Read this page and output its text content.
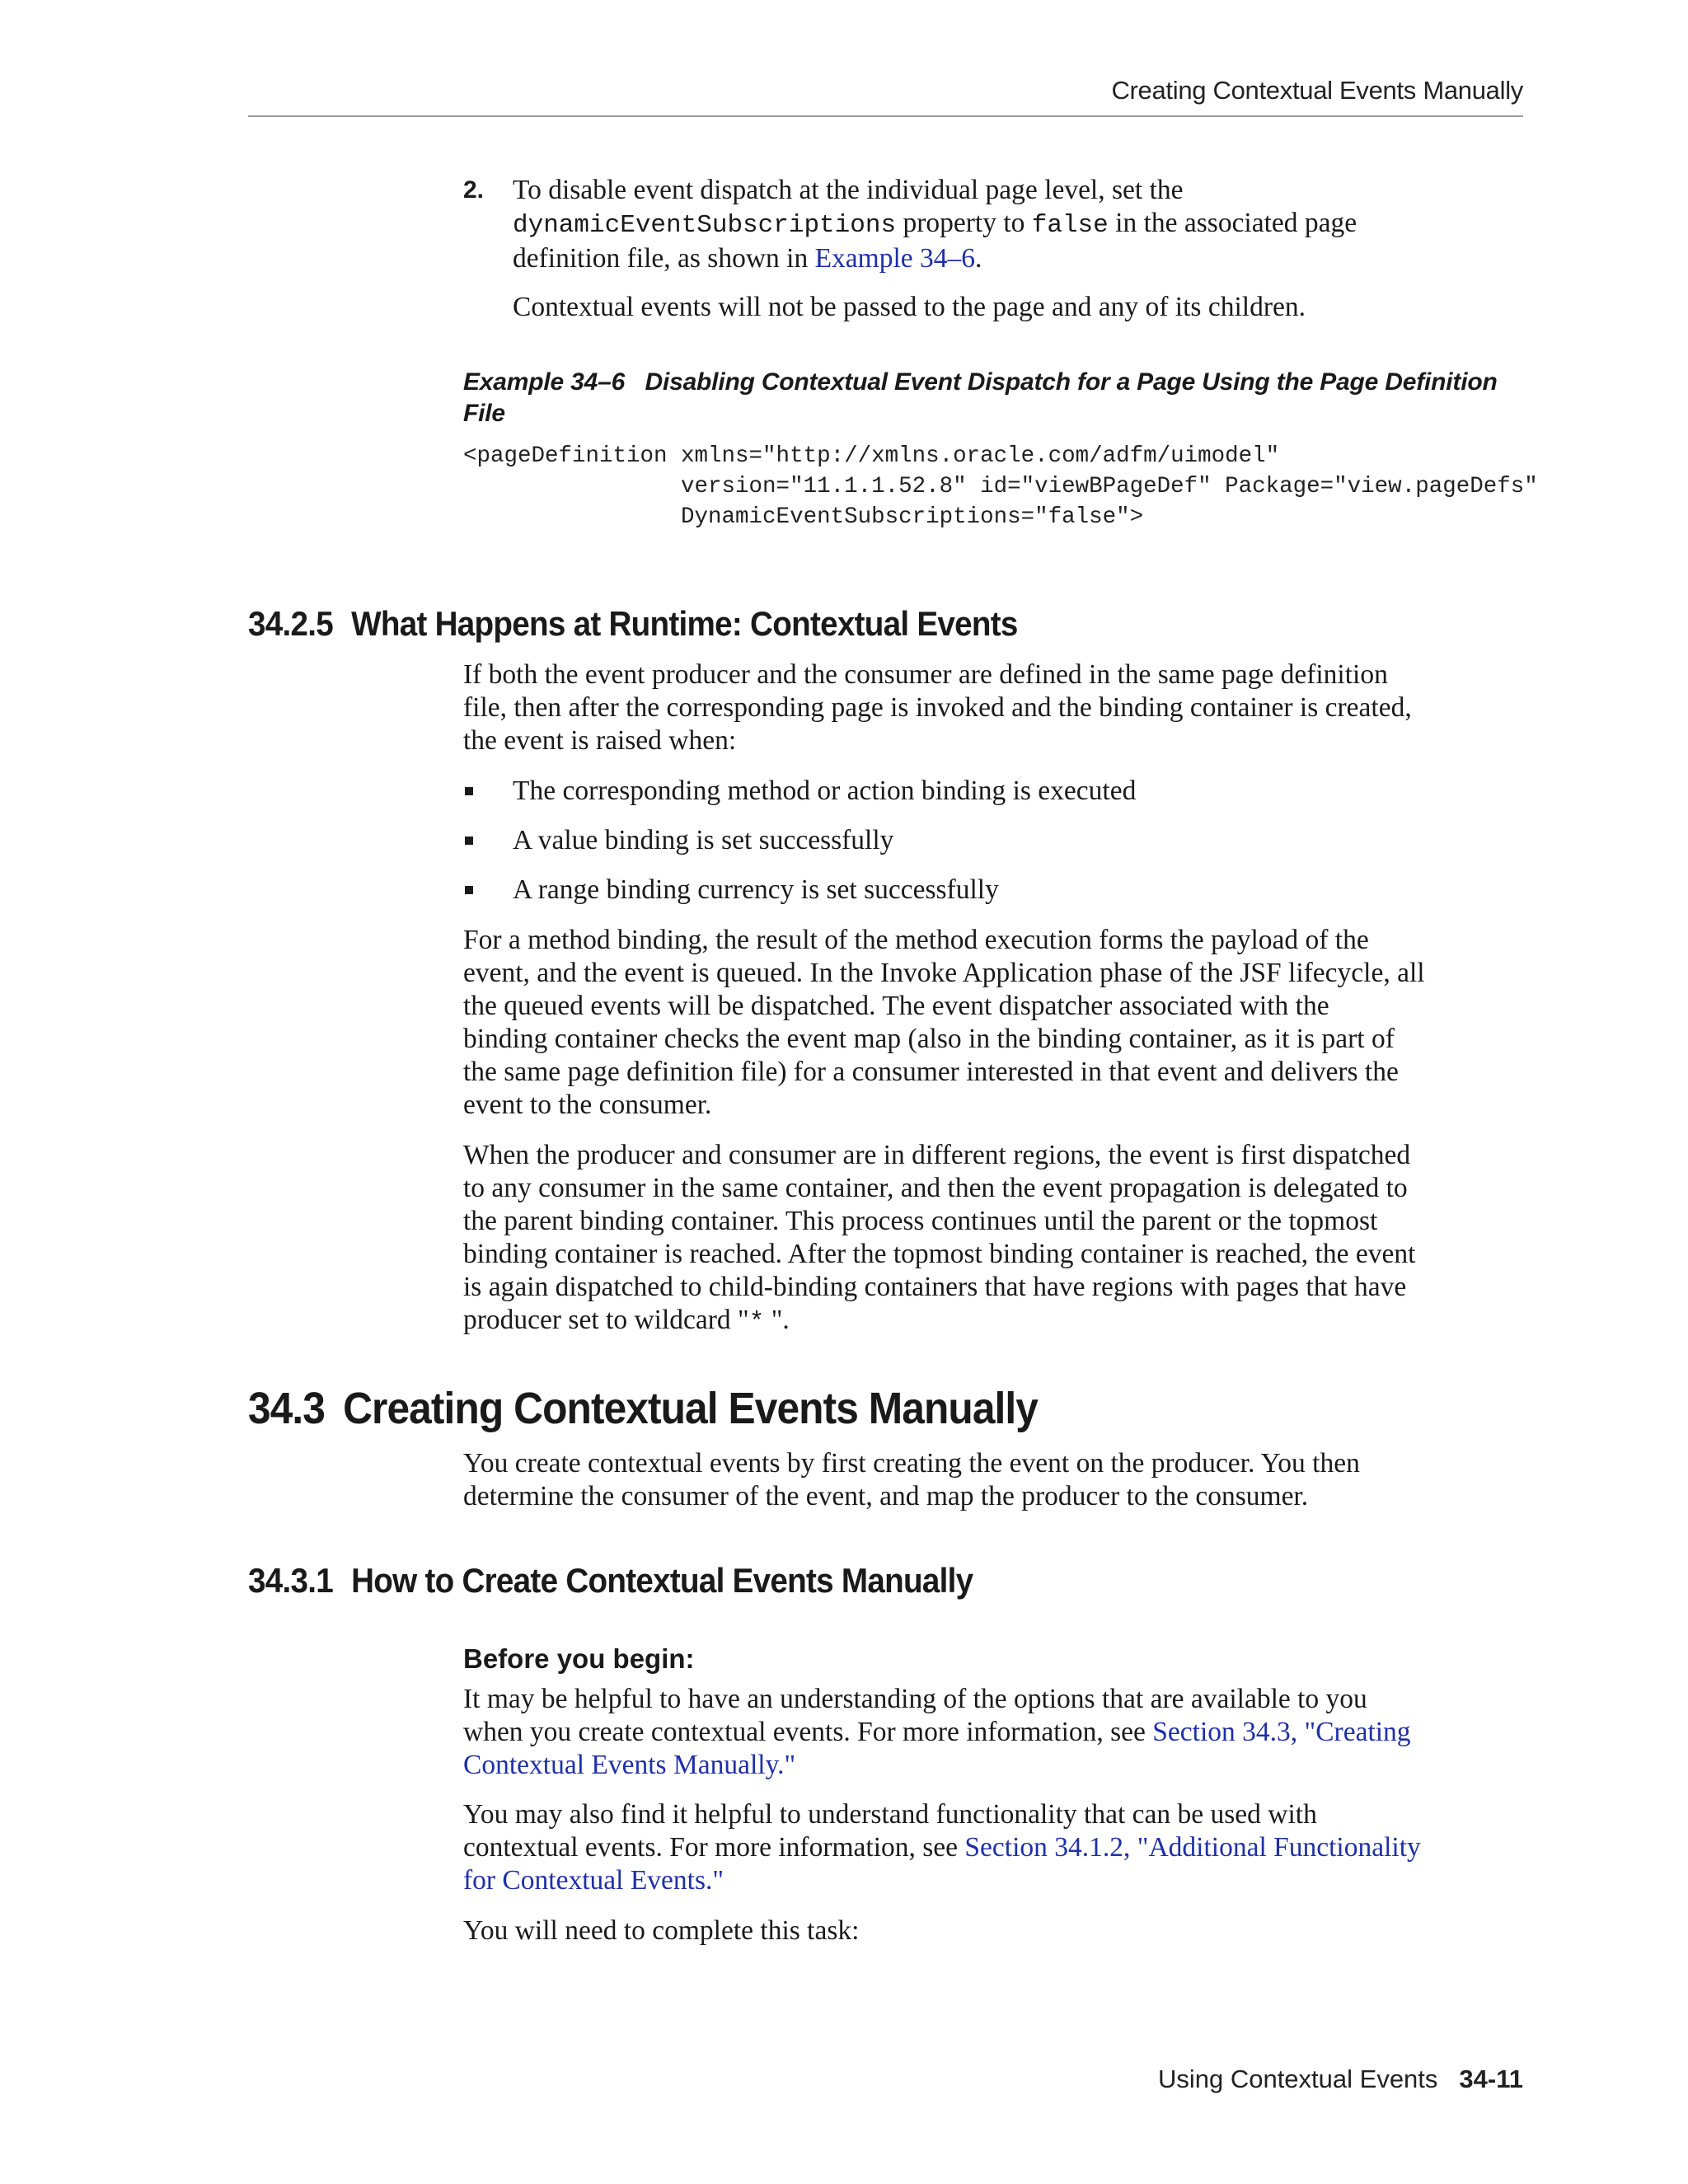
Creating Contextual Events Manually
2. To disable event dispatch at the individual page level, set the
dynamicEventSubscriptions property to false in the associated page
definition file, as shown in Example 34–6.

Contextual events will not be passed to the page and any of its children.

Example 34–6 Disabling Contextual Event Dispatch for a Page Using the Page Definition File

<pageDefinition xmlns="http://xmlns.oracle.com/adfm/uimodel"
version="11.1.1.52.8" id="viewBPageDef" Package="view.pageDefs"
DynamicEventSubscriptions="false">
34.2.5 What Happens at Runtime: Contextual Events

If both the event producer and the consumer are defined in the same page definition
file, then after the corresponding page is invoked and the binding container is created,
the event is raised when:

The corresponding method or action binding is executed
A value binding is set successfully
A range binding currency is set successfully

For a method binding, the result of the method execution forms the payload of the
event, and the event is queued. In the Invoke Application phase of the JSF lifecycle, all
the queued events will be dispatched. The event dispatcher associated with the
binding container checks the event map (also in the binding container, as it is part of
the same page definition file) for a consumer interested in that event and delivers the
event to the consumer.

When the producer and consumer are in different regions, the event is first dispatched
to any consumer in the same container, and then the event propagation is delegated to
the parent binding container. This process continues until the parent or the topmost
binding container is reached. After the topmost binding container is reached, the event
is again dispatched to child-binding containers that have regions with pages that have
producer set to wildcard "* ".

34.3 Creating Contextual Events Manually

You create contextual events by first creating the event on the producer. You then
determine the consumer of the event, and map the producer to the consumer.

34.3.1 How to Create Contextual Events Manually
Before you begin:

It may be helpful to have an understanding of the options that are available to you
when you create contextual events. For more information, see Section 34.3, "Creating
Contextual Events Manually."

You may also find it helpful to understand functionality that can be used with
contextual events. For more information, see Section 34.1.2, "Additional Functionality
for Contextual Events."

You will need to complete this task:

Using Contextual Events 34-11
